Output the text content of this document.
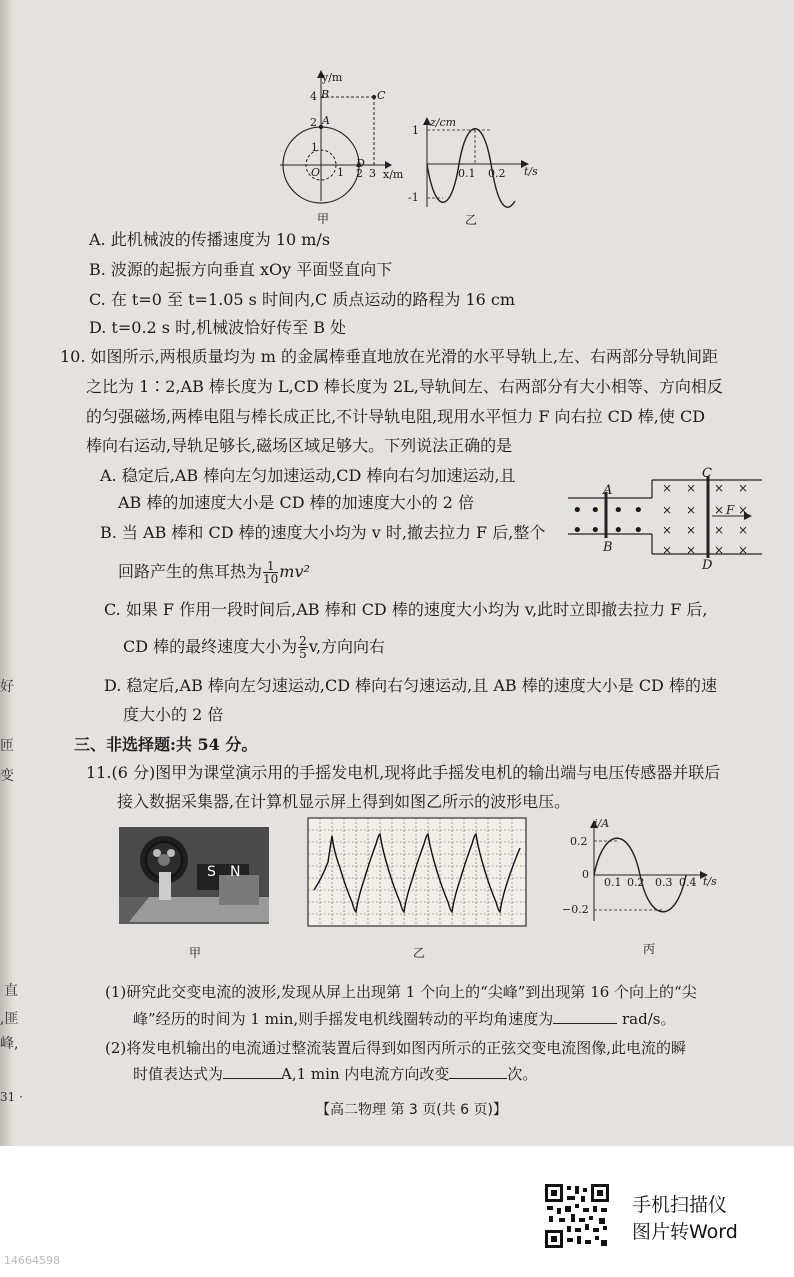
y/m
4 B	C
2 A
1
O 1
D
2 3 x/m
甲
z/cm
1
-1
0.1 0.2 t/s
乙
A. 此机械波的传播速度为 10 m/s
B. 波源的起振方向垂直 xOy 平面竖直向下
C. 在 t=0 至 t=1.05 s 时间内,C 质点运动的路程为 16 cm
D. t=0.2 s 时,机械波恰好传至 B 处
10. 如图所示,两根质量均为 m 的金属棒垂直地放在光滑的水平导轨上,左、右两部分导轨间距
之比为 1∶2,AB 棒长度为 L,CD 棒长度为 2L,导轨间左、右两部分有大小相等、方向相反
的匀强磁场,两棒电阻与棒长成正比,不计导轨电阻,现用水平恒力 F 向右拉 CD 棒,使 CD
棒向右运动,导轨足够长,磁场区域足够大。下列说法正确的是
A. 稳定后,AB 棒向左匀加速运动,CD 棒向右匀加速运动,且
AB 棒的加速度大小是 CD 棒的加速度大小的 2 倍
B. 当 AB 棒和 CD 棒的速度大小均为 v 时,撤去拉力 F 后,整个
回路产生的焦耳热为 $\frac{1}{10} mv^2$
C. 如果 F 作用一段时间后,AB 棒和 CD 棒的速度大小均为 v,此时立即撤去拉力 F 后,
CD 棒的最终速度大小为 $\frac{2}{5} v$,方向向右
D. 稳定后,AB 棒向左匀速运动,CD 棒向右匀速运动,且 AB 棒的速度大小是 CD 棒的速
度大小的 2 倍
A
B
C
D
F
• • • •
• • • •
× × × ×
× × × ×
× × × ×
× × × ×
三、非选择题:共 54 分。
11.(6 分)图甲为课堂演示用的手摇发电机,现将此手摇发电机的输出端与电压传感器并联后
接入数据采集器,在计算机显示屏上得到如图乙所示的波形电压。
S N
甲	乙
i/A
0.2
0
0.1 0.2 0.3 0.4 t/s
−0.2
丙
(1)研究此交变电流的波形,发现从屏上出现第 1 个向上的“尖峰”到出现第 16 个向上的“尖
峰”经历的时间为 1 min,则手摇发电机线圈转动的平均角速度为	rad/s。
(2)将发电机输出的电流通过整流装置后得到如图丙所示的正弦交变电流图像,此电流的瞬
时值表达式为	A,1 min 内电流方向改变	次。
好
匝
变
直
,匪
峰,
31 ·
【高二物理 第 3 页(共 6 页)】
手机扫描仪
图片转Word
14664598
